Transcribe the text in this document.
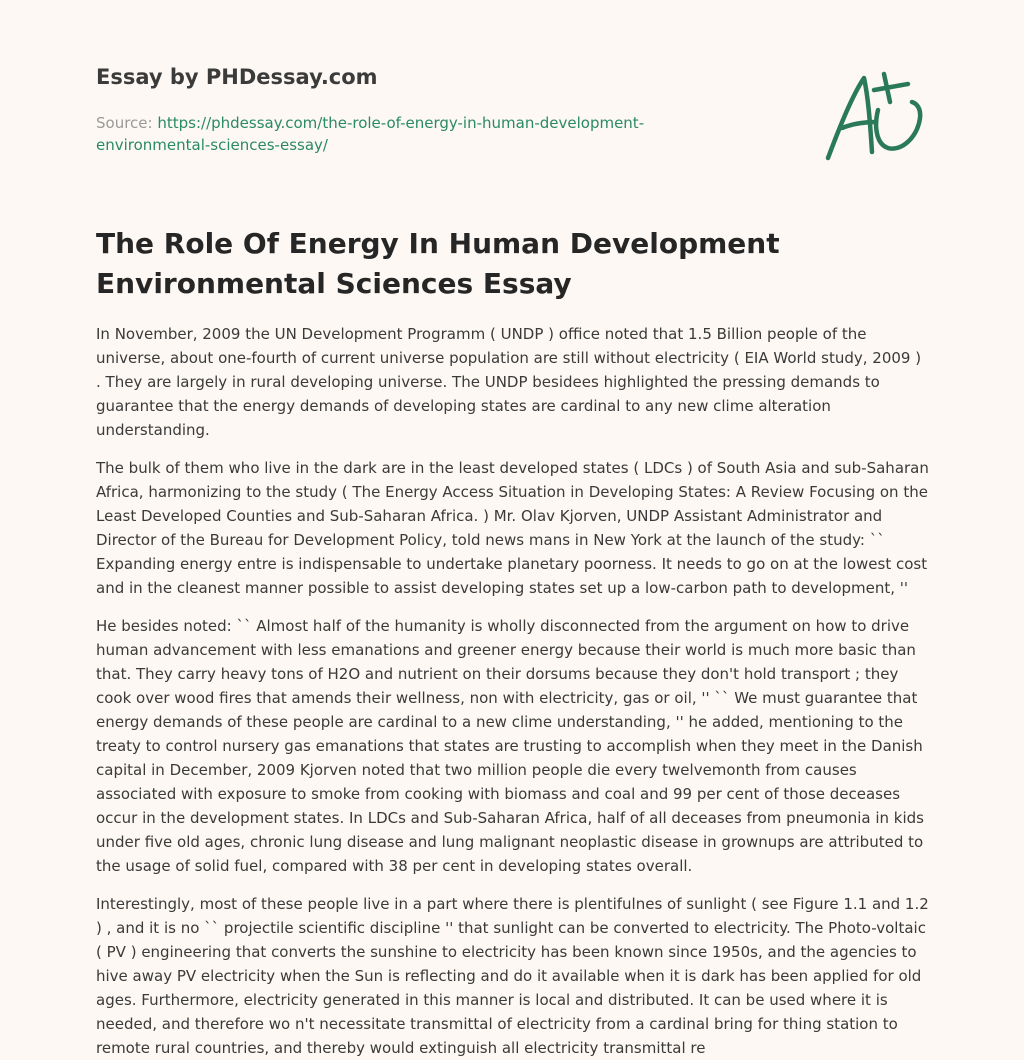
Essay by PHDessay.com
Source: https://phdessay.com/the-role-of-energy-in-human-development-environmental-sciences-essay/
The Role Of Energy In Human Development Environmental Sciences Essay

In November, 2009 the UN Development Programm ( UNDP ) office noted that 1.5 Billion people of the universe, about one-fourth of current universe population are still without electricity ( EIA World study, 2009 ) . They are largely in rural developing universe. The UNDP besidees highlighted the pressing demands to guarantee that the energy demands of developing states are cardinal to any new clime alteration understanding.

The bulk of them who live in the dark are in the least developed states ( LDCs ) of South Asia and sub-Saharan Africa, harmonizing to the study ( The Energy Access Situation in Developing States: A Review Focusing on the Least Developed Counties and Sub-Saharan Africa. ) Mr. Olav Kjorven, UNDP Assistant Administrator and Director of the Bureau for Development Policy, told news mans in New York at the launch of the study: `` Expanding energy entre is indispensable to undertake planetary poorness. It needs to go on at the lowest cost and in the cleanest manner possible to assist developing states set up a low-carbon path to development, ''

He besides noted: `` Almost half of the humanity is wholly disconnected from the argument on how to drive human advancement with less emanations and greener energy because their world is much more basic than that. They carry heavy tons of H2O and nutrient on their dorsums because they don't hold transport ; they cook over wood fires that amends their wellness, non with electricity, gas or oil, '' `` We must guarantee that energy demands of these people are cardinal to a new clime understanding, '' he added, mentioning to the treaty to control nursery gas emanations that states are trusting to accomplish when they meet in the Danish capital in December, 2009 Kjorven noted that two million people die every twelvemonth from causes associated with exposure to smoke from cooking with biomass and coal and 99 per cent of those deceases occur in the development states. In LDCs and Sub-Saharan Africa, half of all deceases from pneumonia in kids under five old ages, chronic lung disease and lung malignant neoplastic disease in grownups are attributed to the usage of solid fuel, compared with 38 per cent in developing states overall.

Interestingly, most of these people live in a part where there is plentifulnes of sunlight ( see Figure 1.1 and 1.2 ) , and it is no `` projectile scientific discipline '' that sunlight can be converted to electricity. The Photo-voltaic ( PV ) engineering that converts the sunshine to electricity has been known since 1950s, and the agencies to hive away PV electricity when the Sun is reflecting and do it available when it is dark has been applied for old ages. Furthermore, electricity generated in this manner is local and distributed. It can be used where it is needed, and therefore wo n't necessitate transmittal of electricity from a cardinal bring for thing station to remote rural countries, and thereby would extinguish all electricity transmittal re
